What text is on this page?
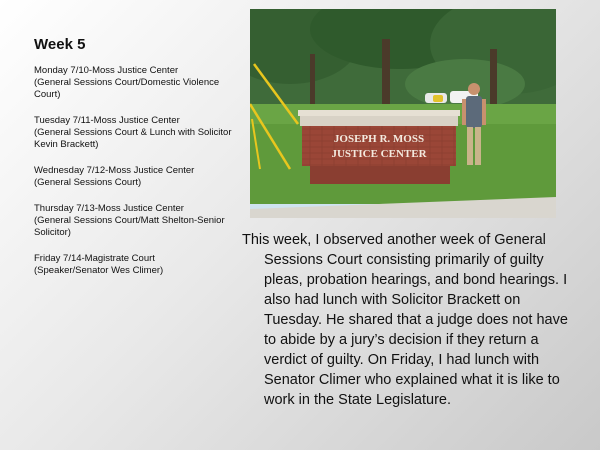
Week 5
Monday 7/10-Moss Justice Center
(General Sessions Court/Domestic Violence Court)
Tuesday 7/11-Moss Justice Center
(General Sessions Court & Lunch with Solicitor Kevin Brackett)
Wednesday 7/12-Moss Justice Center
(General Sessions Court)
Thursday 7/13-Moss Justice Center
(General Sessions Court/Matt Shelton-Senior Solicitor)
Friday 7/14-Magistrate Court
(Speaker/Senator Wes Climer)
JOSEPH R. MOSS
JUSTICE CENTER

This week, I observed another week of General Sessions Court consisting primarily of guilty pleas, probation hearings, and bond hearings. I also had lunch with Solicitor Brackett on Tuesday. He shared that a judge does not have to abide by a jury’s decision if they return a verdict of guilty. On Friday, I had lunch with Senator Climer who explained what it is like to work in the State Legislature.
